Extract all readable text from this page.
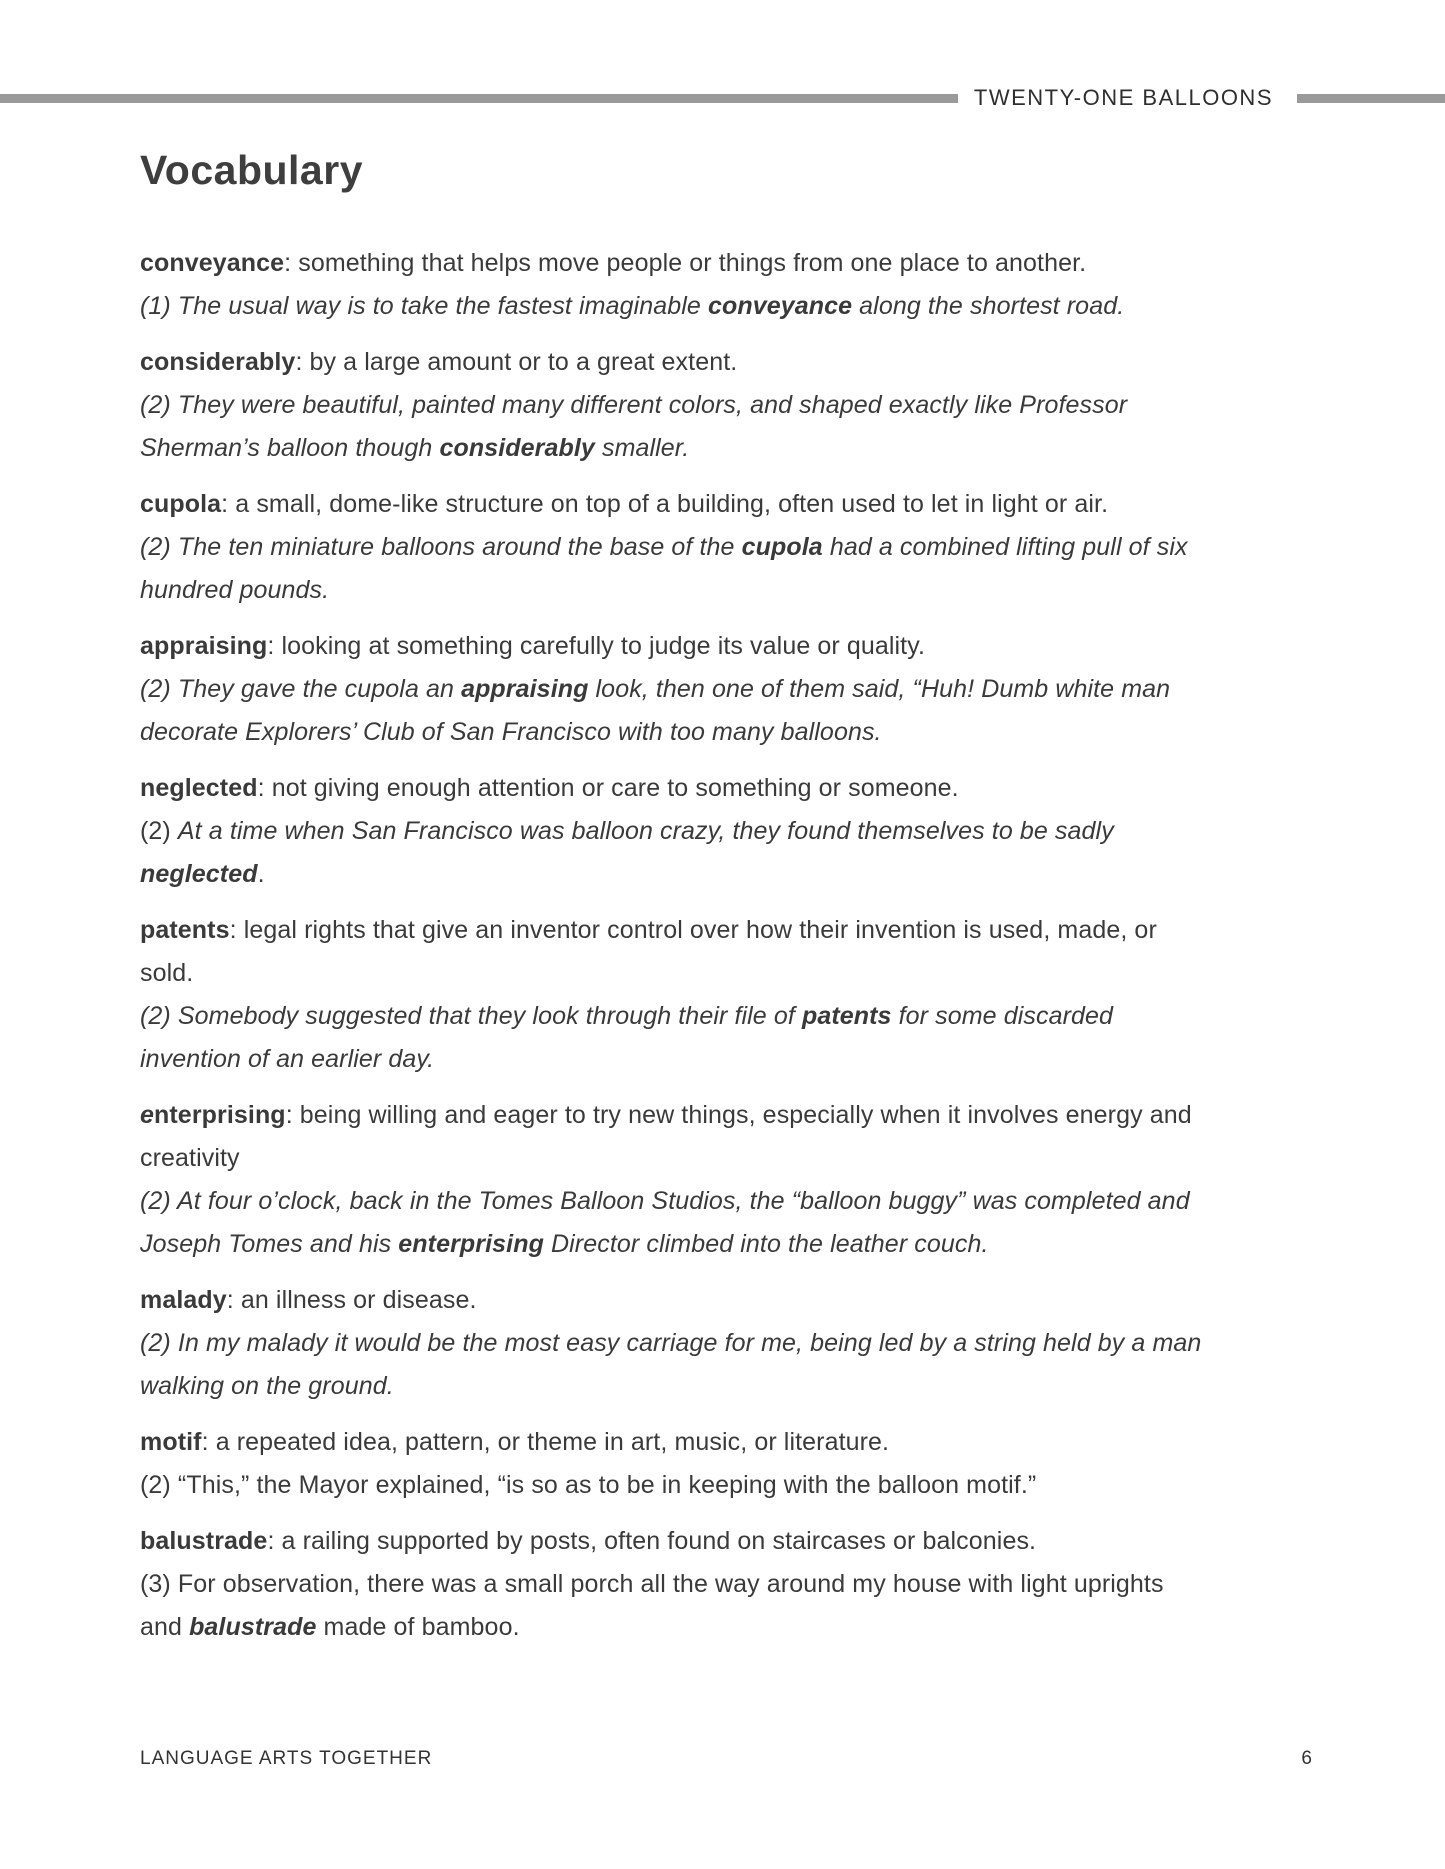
TWENTY-ONE BALLOONS
Vocabulary
conveyance: something that helps move people or things from one place to another.
(1) The usual way is to take the fastest imaginable conveyance along the shortest road.
considerably: by a large amount or to a great extent.
(2) They were beautiful, painted many different colors, and shaped exactly like Professor
Sherman’s balloon though considerably smaller.
cupola: a small, dome-like structure on top of a building, often used to let in light or air.
(2) The ten miniature balloons around the base of the cupola had a combined lifting pull of six
hundred pounds.
appraising: looking at something carefully to judge its value or quality.
(2) They gave the cupola an appraising look, then one of them said, “Huh! Dumb white man
decorate Explorers’ Club of San Francisco with too many balloons.
neglected: not giving enough attention or care to something or someone.
(2) At a time when San Francisco was balloon crazy, they found themselves to be sadly
neglected.
patents: legal rights that give an inventor control over how their invention is used, made, or
sold.
(2) Somebody suggested that they look through their file of patents for some discarded
invention of an earlier day.
enterprising: being willing and eager to try new things, especially when it involves energy and
creativity
(2) At four o’clock, back in the Tomes Balloon Studios, the “balloon buggy” was completed and
Joseph Tomes and his enterprising Director climbed into the leather couch.
malady: an illness or disease.
(2) In my malady it would be the most easy carriage for me, being led by a string held by a man
walking on the ground.
motif: a repeated idea, pattern, or theme in art, music, or literature.
(2) “This,” the Mayor explained, “is so as to be in keeping with the balloon motif.”
balustrade: a railing supported by posts, often found on staircases or balconies.
(3) For observation, there was a small porch all the way around my house with light uprights
and balustrade made of bamboo.
LANGUAGE ARTS TOGETHER	6
